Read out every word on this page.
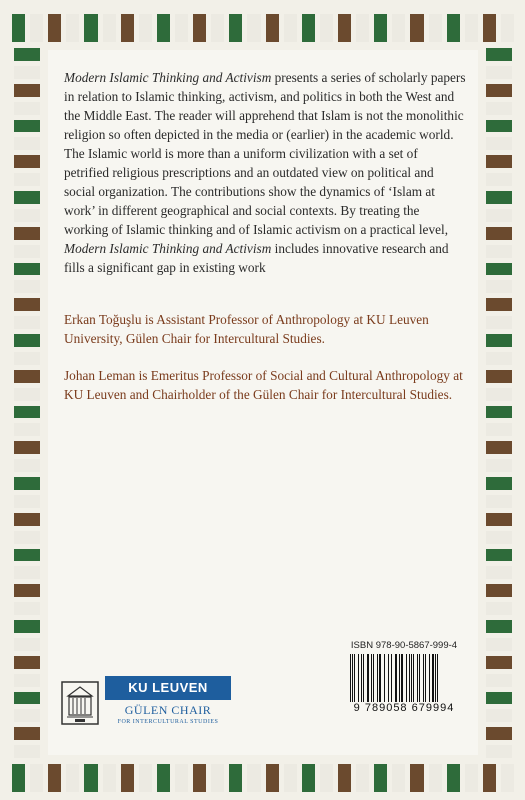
Modern Islamic Thinking and Activism presents a series of scholarly papers in relation to Islamic thinking, activism, and politics in both the West and the Middle East. The reader will apprehend that Islam is not the monolithic religion so often depicted in the media or (earlier) in the academic world. The Islamic world is more than a uniform civilization with a set of petrified religious prescriptions and an outdated view on political and social organization. The contributions show the dynamics of ‘Islam at work’ in different geographical and social contexts. By treating the working of Islamic thinking and of Islamic activism on a practical level, Modern Islamic Thinking and Activism includes innovative research and fills a significant gap in existing work

Erkan Toğuşlu is Assistant Professor of Anthropology at KU Leuven University, Gülen Chair for Intercultural Studies.

Johan Leman is Emeritus Professor of Social and Cultural Anthropology at KU Leuven and Chairholder of the Gülen Chair for Intercultural Studies.

KU LEUVEN
GÜLEN CHAIR
FOR INTERCULTURAL STUDIES
ISBN 978-90-5867-999-4
9 789058 679994
